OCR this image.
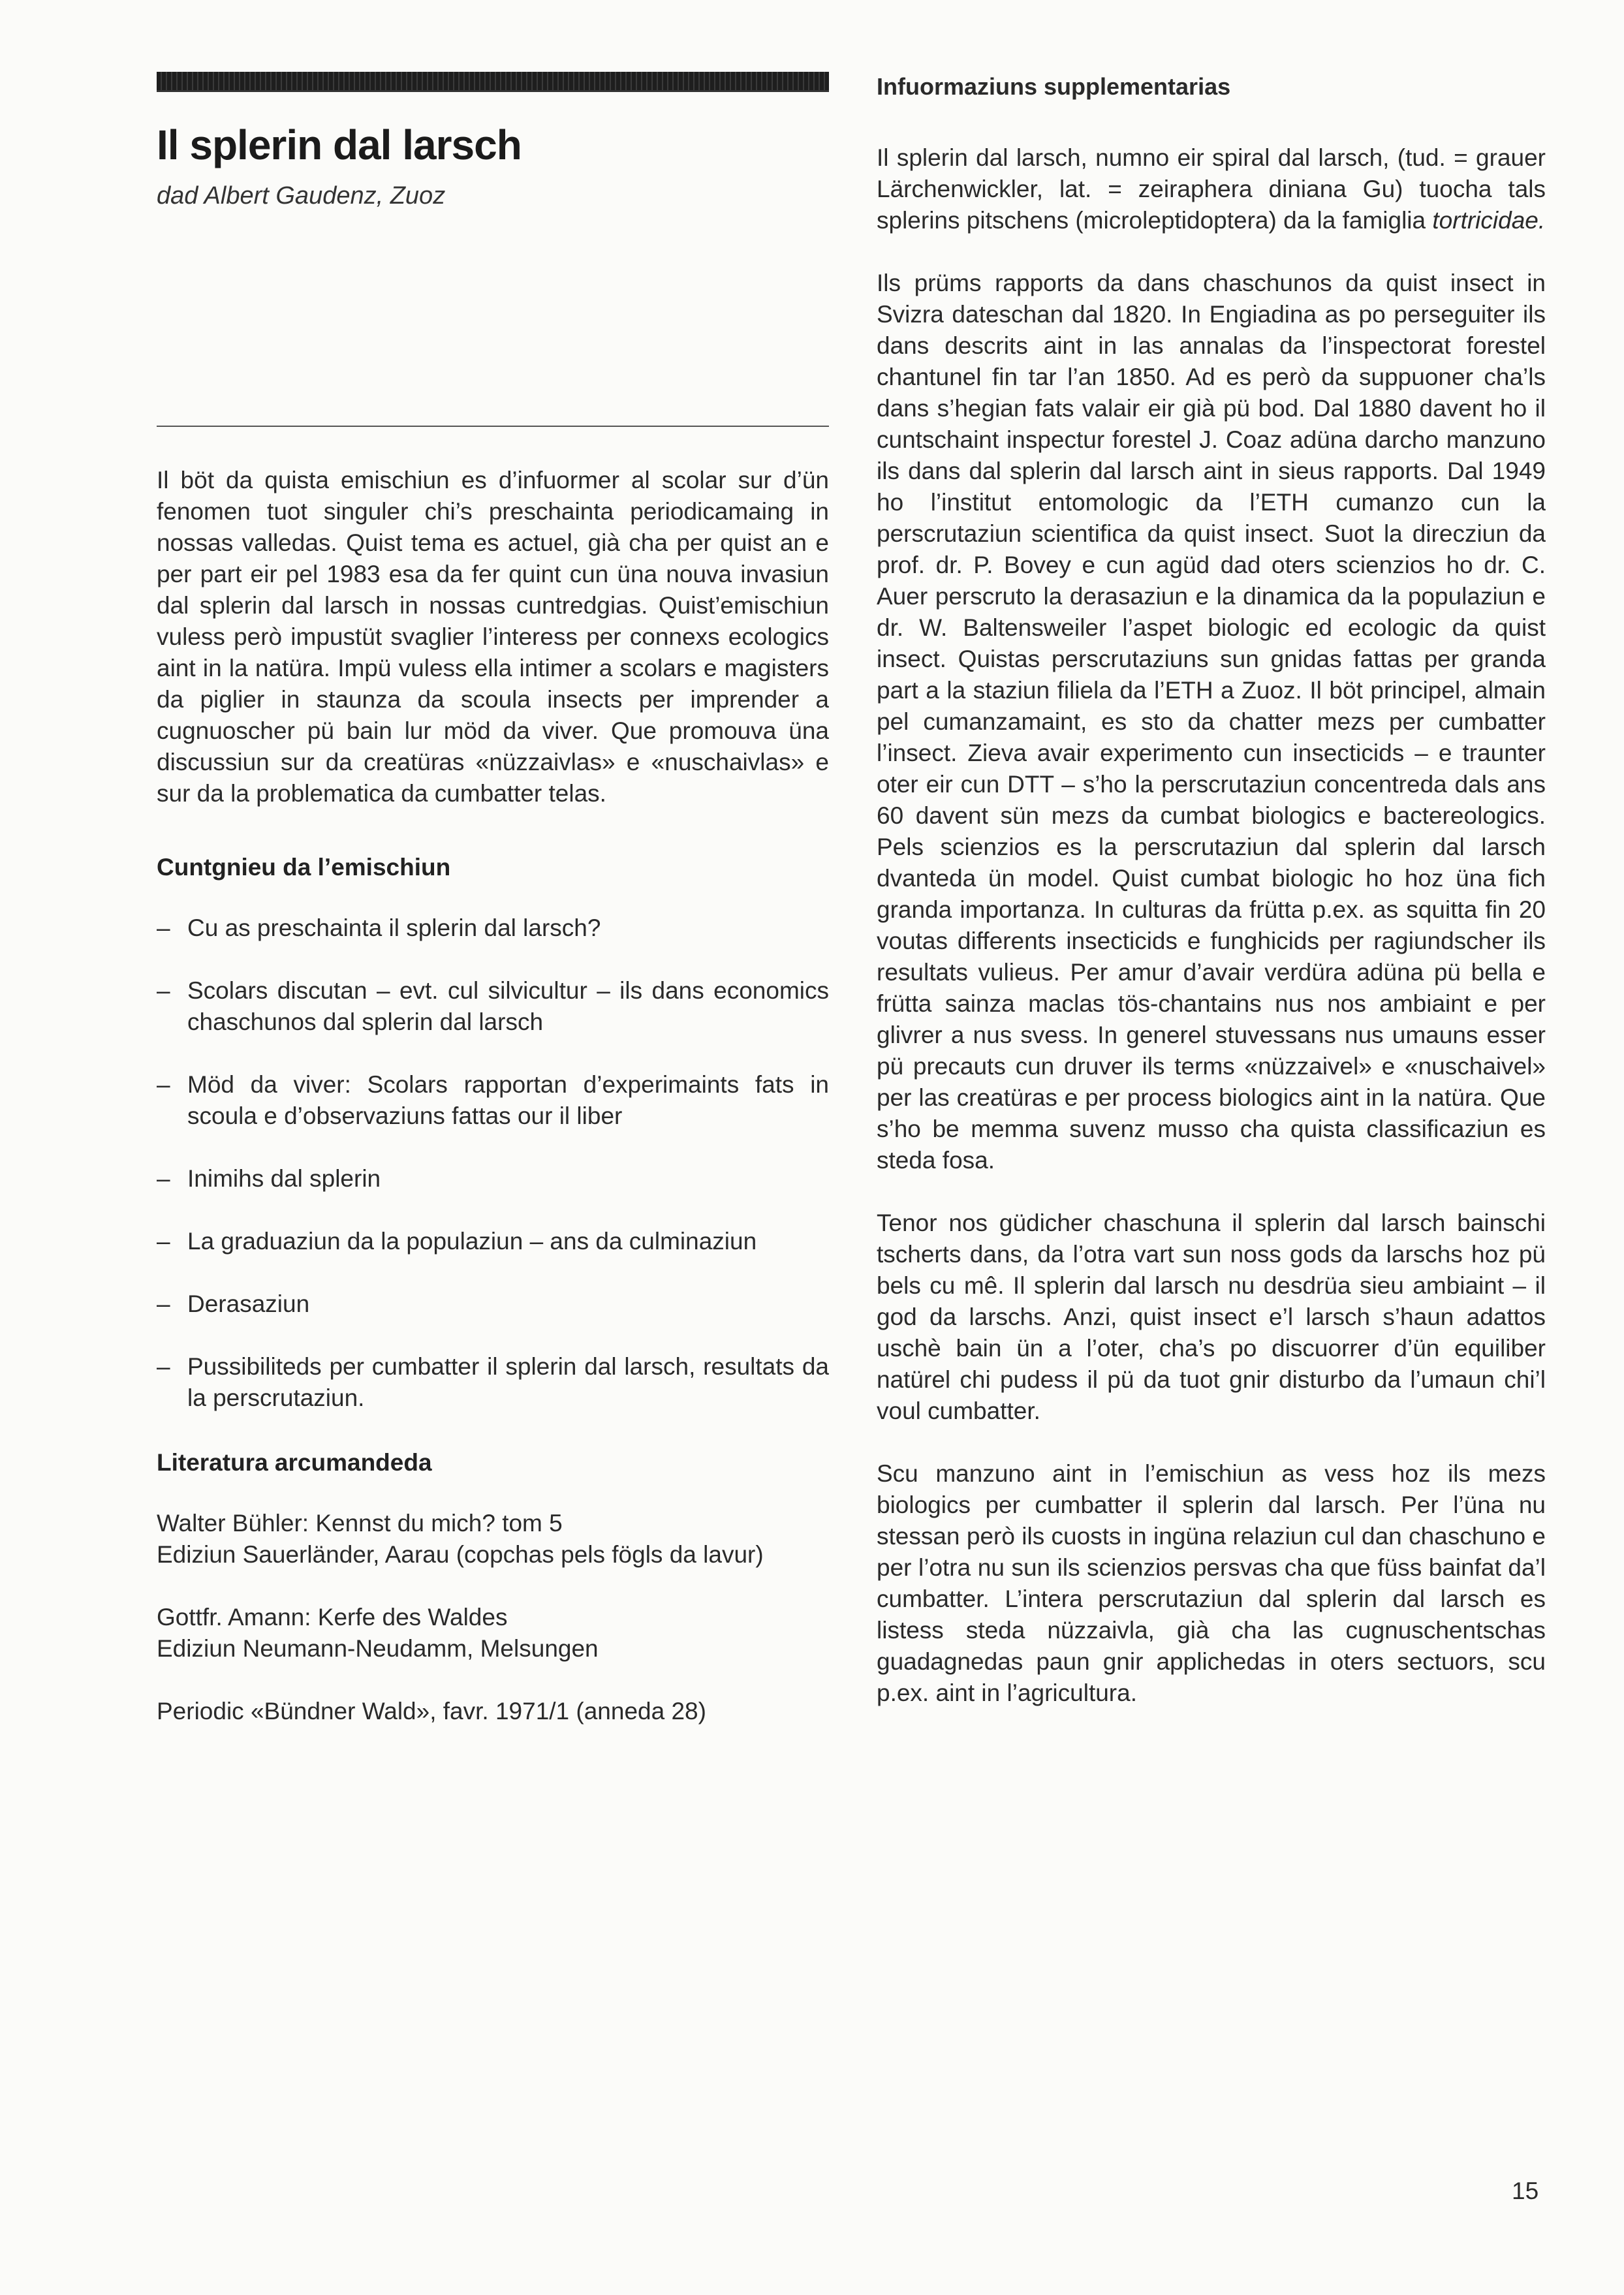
Il splerin dal larsch
dad Albert Gaudenz, Zuoz

Il böt da quista emischiun es d’infuormer al scolar sur d’ün fenomen tuot singuler chi’s preschainta periodicamaing in nossas valledas. Quist tema es actuel, già cha per quist an e per part eir pel 1983 esa da fer quint cun üna nouva invasiun dal splerin dal larsch in nossas cuntredgias. Quist’emischiun vuless però impustüt svaglier l’interess per connexs ecologics aint in la natüra. Impü vuless ella intimer a scolars e magisters da piglier in staunza da scoula insects per imprender a cugnuoscher pü bain lur möd da viver. Que promouva üna discussiun sur da creatüras «nüzzaivlas» e «nuschaivlas» e sur da la problematica da cumbatter telas.

Cuntgnieu da l’emischiun
– Cu as preschainta il splerin dal larsch?
– Scolars discutan – evt. cul silvicultur – ils dans economics chaschunos dal splerin dal larsch
– Möd da viver: Scolars rapportan d’experimaints fats in scoula e d’observaziuns fattas our il liber
– Inimihs dal splerin
– La graduaziun da la populaziun – ans da culminaziun
– Derasaziun
– Pussibiliteds per cumbatter il splerin dal larsch, resultats da la perscrutaziun.
Literatura arcumandeda
Walter Bühler: Kennst du mich? tom 5
Ediziun Sauerländer, Aarau (copchas pels fögls da lavur)
Gottfr. Amann: Kerfe des Waldes
Ediziun Neumann-Neudamm, Melsungen
Periodic «Bündner Wald», favr. 1971/1 (anneda 28)
Infuormaziuns supplementarias

Il splerin dal larsch, numno eir spiral dal larsch, (tud. = grauer Lärchenwickler, lat. = zeiraphera diniana Gu) tuocha tals splerins pitschens (microleptidoptera) da la famiglia tortricidae.

Ils prüms rapports da dans chaschunos da quist insect in Svizra dateschan dal 1820. In Engiadina as po perseguiter ils dans descrits aint in las annalas da l’inspectorat forestel chantunel fin tar l’an 1850. Ad es però da suppuoner cha’ls dans s’hegian fats valair eir già pü bod. Dal 1880 davent ho il cuntschaint inspectur forestel J. Coaz adüna darcho manzuno ils dans dal splerin dal larsch aint in sieus rapports. Dal 1949 ho l’institut entomologic da l’ETH cumanzo cun la perscrutaziun scientifica da quist insect. Suot la direcziun da prof. dr. P. Bovey e cun agüd dad oters scienzios ho dr. C. Auer perscruto la derasaziun e la dinamica da la populaziun e dr. W. Baltensweiler l’aspet biologic ed ecologic da quist insect. Quistas perscrutaziuns sun gnidas fattas per granda part a la staziun filiela da l’ETH a Zuoz. Il böt principel, almain pel cumanzamaint, es sto da chatter mezs per cumbatter l’insect. Zieva avair experimento cun insecticids – e traunter oter eir cun DTT – s’ho la perscrutaziun concentreda dals ans 60 davent sün mezs da cumbat biologics e bactereologics. Pels scienzios es la perscrutaziun dal splerin dal larsch dvanteda ün model. Quist cumbat biologic ho hoz üna fich granda importanza. In culturas da frütta p.ex. as squitta fin 20 voutas differents insecticids e funghicids per ragiundscher ils resultats vulieus. Per amur d’avair verdüra adüna pü bella e frütta sainza maclas tös-chantains nus nos ambiaint e per glivrer a nus svess. In generel stuvessans nus umauns esser pü precauts cun druver ils terms «nüzzaivel» e «nuschaivel» per las creatüras e per process biologics aint in la natüra. Que s’ho be memma suvenz musso cha quista classificaziun es steda fosa.

Tenor nos güdicher chaschuna il splerin dal larsch bainschi tscherts dans, da l’otra vart sun noss gods da larschs hoz pü bels cu mê. Il splerin dal larsch nu desdrüa sieu ambiaint – il god da larschs. Anzi, quist insect e’l larsch s’haun adattos uschè bain ün a l’oter, cha’s po discuorrer d’ün equiliber natürel chi pudess il pü da tuot gnir disturbo da l’umaun chi’l voul cumbatter.

Scu manzuno aint in l’emischiun as vess hoz ils mezs biologics per cumbatter il splerin dal larsch. Per l’üna nu stessan però ils cuosts in ingüna relaziun cul dan chaschuno e per l’otra nu sun ils scienzios persvas cha que füss bainfat da’l cumbatter. L’intera perscrutaziun dal splerin dal larsch es listess steda nüzzaivla, già cha las cugnuschentschas guadagnedas paun gnir applichedas in oters sectuors, scu p.ex. aint in l’agricultura.

15
